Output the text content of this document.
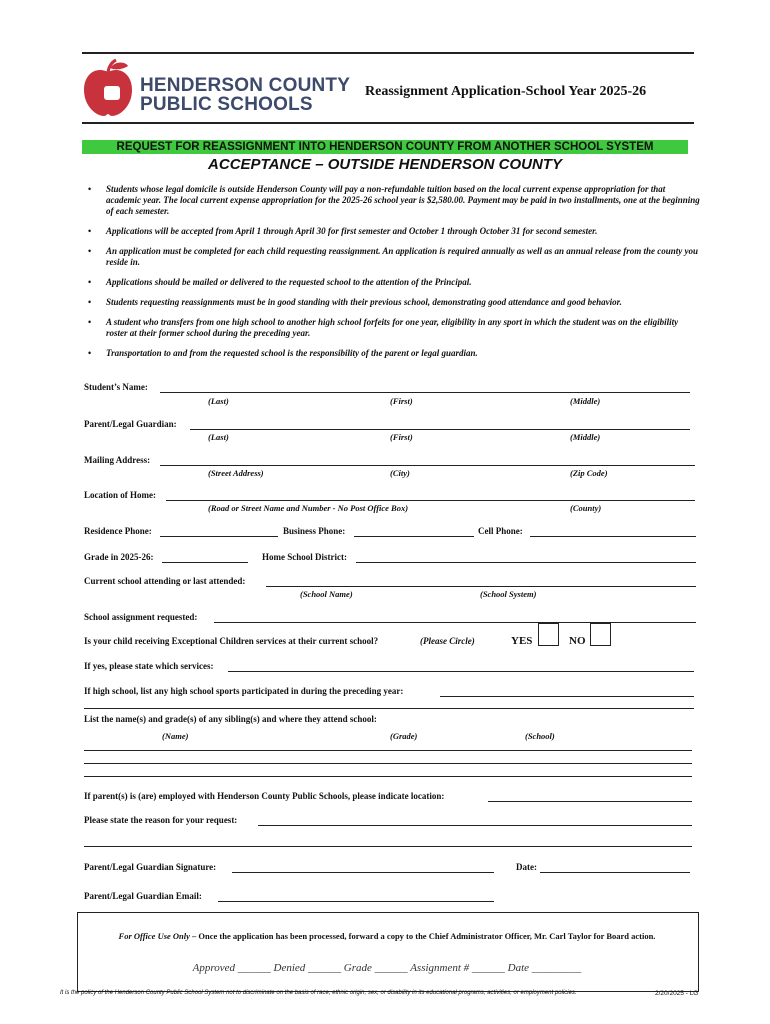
HENDERSON COUNTY
PUBLIC SCHOOLS
Reassignment Application-School Year 2025-26
REQUEST FOR REASSIGNMENT INTO HENDERSON COUNTY FROM ANOTHER SCHOOL SYSTEM
ACCEPTANCE – OUTSIDE HENDERSON COUNTY
• Students whose legal domicile is outside Henderson County will pay a non-refundable tuition based on the local current expense appropriation for that academic year. The local current expense appropriation for the 2025-26 school year is $2,580.00. Payment may be paid in two installments, one at the beginning of each semester.
• Applications will be accepted from April 1 through April 30 for first semester and October 1 through October 31 for second semester.
• An application must be completed for each child requesting reassignment. An application is required annually as well as an annual release from the county you reside in.
• Applications should be mailed or delivered to the requested school to the attention of the Principal.
• Students requesting reassignments must be in good standing with their previous school, demonstrating good attendance and good behavior.
• A student who transfers from one high school to another high school forfeits for one year, eligibility in any sport in which the student was on the eligibility roster at their former school during the preceding year.
• Transportation to and from the requested school is the responsibility of the parent or legal guardian.
Student’s Name:
(Last)	(First)	(Middle)
Parent/Legal Guardian:
(Last)	(First)	(Middle)
Mailing Address:
(Street Address)	(City)	(Zip Code)
Location of Home:
(Road or Street Name and Number - No Post Office Box)	(County)
Residence Phone:	Business Phone:	Cell Phone:
Grade in 2025-26:	Home School District:
Current school attending or last attended:
(School Name)	(School System)
School assignment requested:
Is your child receiving Exceptional Children services at their current school?	(Please Circle)	YES	NO
If yes, please state which services:
If high school, list any high school sports participated in during the preceding year:
List the name(s) and grade(s) of any sibling(s) and where they attend school:
(Name)	(Grade)	(School)
If parent(s) is (are) employed with Henderson County Public Schools, please indicate location:
Please state the reason for your request:
Parent/Legal Guardian Signature:	Date:
Parent/Legal Guardian Email:
For Office Use Only – Once the application has been processed, forward a copy to the Chief Administrator Officer, Mr. Carl Taylor for Board action.
Approved ______ Denied ______ Grade ______ Assignment # ______ Date _________
It is the policy of the Henderson County Public School System not to discriminate on the basis of race, ethnic origin, sex, or disability in its educational programs, activities, or employment policies.	2/20/2025 - LG
